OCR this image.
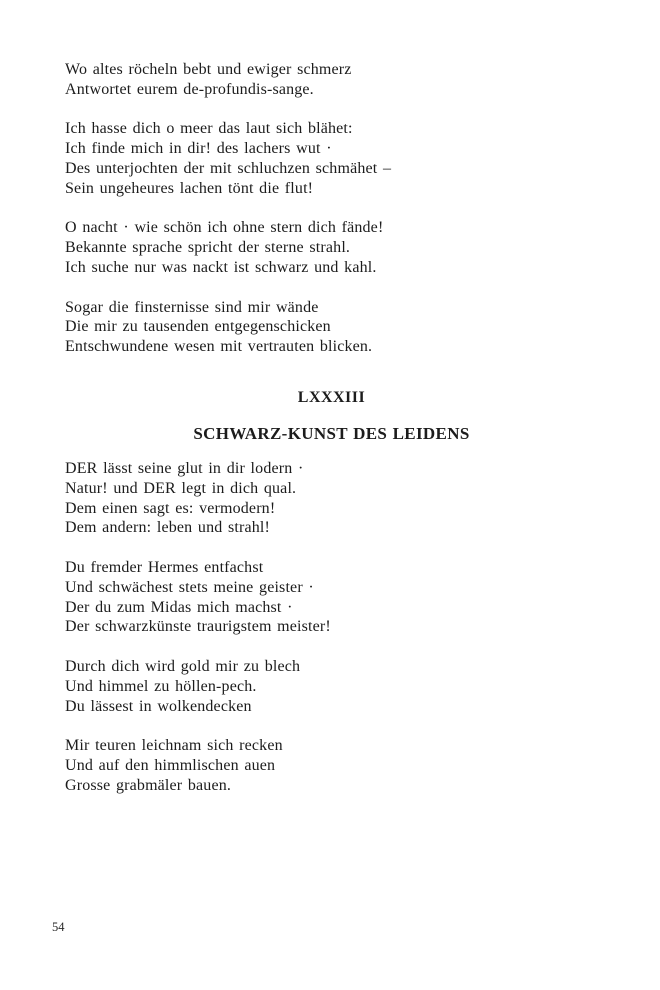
Wo altes röcheln bebt und ewiger schmerz
Antwortet eurem de-profundis-sange.
Ich hasse dich o meer das laut sich blähet:
Ich finde mich in dir! des lachers wut ·
Des unterjochten der mit schluchzen schmähet –
Sein ungeheures lachen tönt die flut!
O nacht · wie schön ich ohne stern dich fände!
Bekannte sprache spricht der sterne strahl.
Ich suche nur was nackt ist schwarz und kahl.
Sogar die finsternisse sind mir wände
Die mir zu tausenden entgegenschicken
Entschwundene wesen mit vertrauten blicken.
LXXXIII
SCHWARZ-KUNST DES LEIDENS
DER lässt seine glut in dir lodern ·
Natur! und DER legt in dich qual.
Dem einen sagt es: vermodern!
Dem andern: leben und strahl!
Du fremder Hermes entfachst
Und schwächest stets meine geister ·
Der du zum Midas mich machst ·
Der schwarzkünste traurigstem meister!
Durch dich wird gold mir zu blech
Und himmel zu höllen-pech.
Du lässest in wolkendecken
Mir teuren leichnam sich recken
Und auf den himmlischen auen
Grosse grabmäler bauen.
54
